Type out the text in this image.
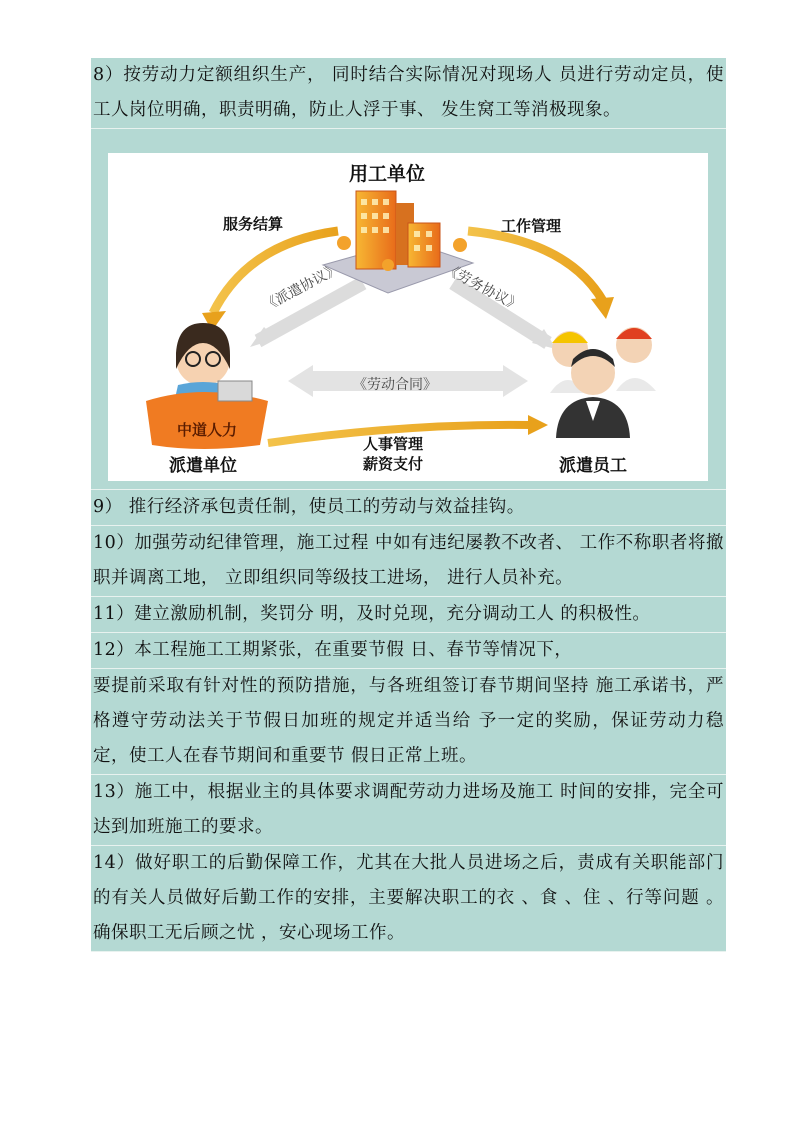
8）按劳动力定额组织生产， 同时结合实际情况对现场人 员进行劳动定员，使工人岗位明确，职责明确，防止人浮于事、 发生窝工等消极现象。
用工单位
服务结算	工作管理
《派遣协议》	《劳务协议》
《劳动合同》
中道人力
人事管理
薪资支付
派遣单位	派遣员工
9） 推行经济承包责任制，使员工的劳动与效益挂钩。
10）加强劳动纪律管理，施工过程 中如有违纪屡教不改者、 工作不称职者将撤职并调离工地， 立即组织同等级技工进场， 进行人员补充。
11）建立激励机制，奖罚分 明，及时兑现，充分调动工人 的积极性。
12）本工程施工工期紧张，在重要节假 日、春节等情况下，
要提前采取有针对性的预防措施，与各班组签订春节期间坚持 施工承诺书，严格遵守劳动法关于节假日加班的规定并适当给 予一定的奖励，保证劳动力稳定，使工人在春节期间和重要节 假日正常上班。
13）施工中，根据业主的具体要求调配劳动力进场及施工 时间的安排，完全可达到加班施工的要求。
14）做好职工的后勤保障工作，尤其在大批人员进场之后，责成有关职能部门的有关人员做好后勤工作的安排，主要解决职工的衣 、食 、住 、行等问题 。确保职工无后顾之忧 ，安心现场工作。
